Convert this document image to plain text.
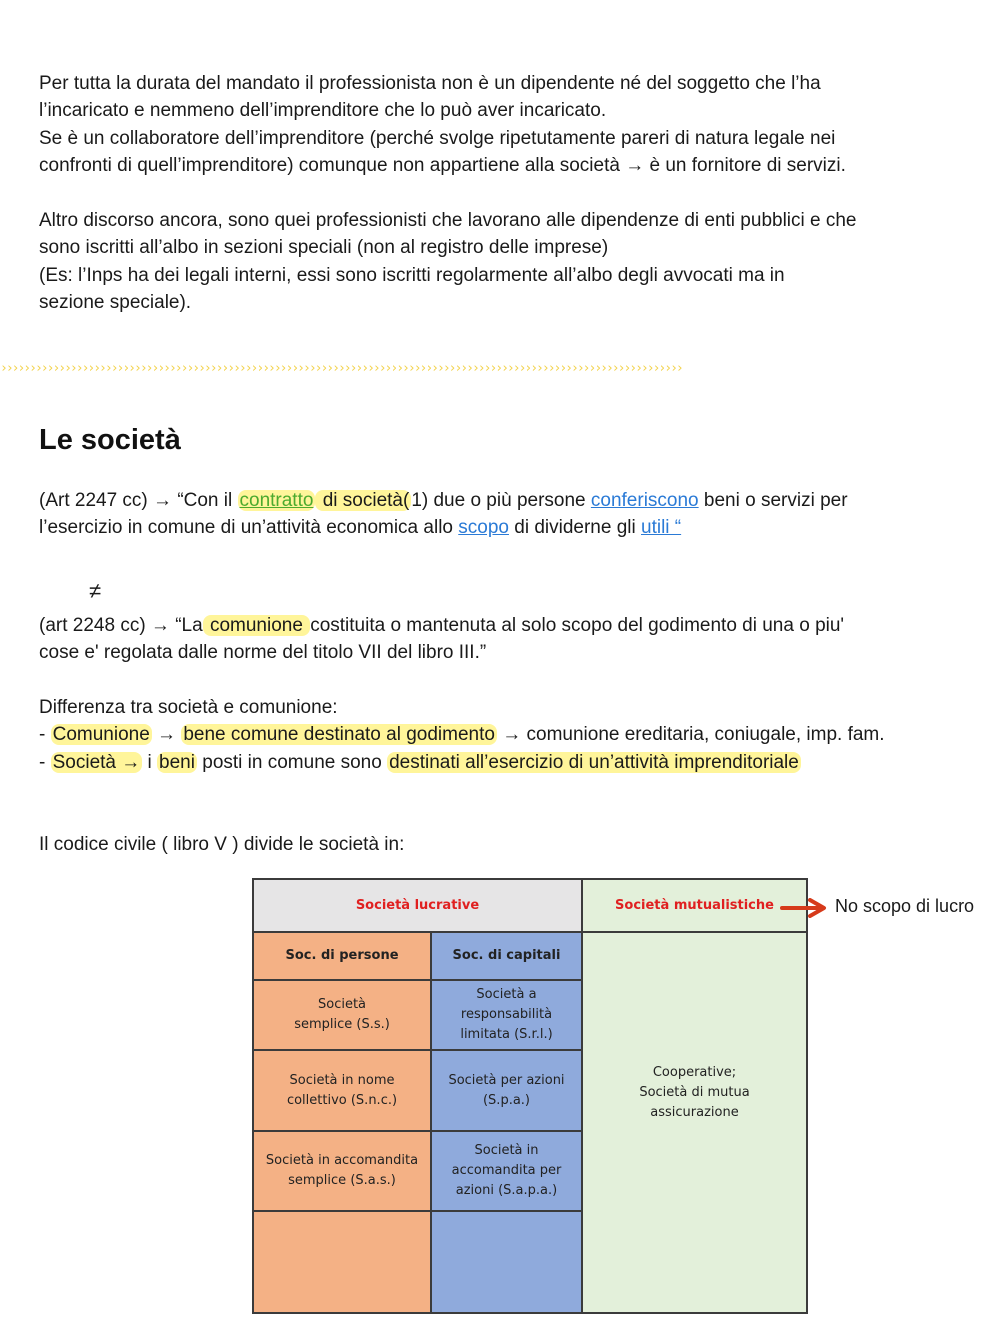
Per tutta la durata del mandato il professionista non è un dipendente né del soggetto che l’ha
l’incaricato e nemmeno dell’imprenditore che lo può aver incaricato.
Se è un collaboratore dell’imprenditore (perché svolge ripetutamente pareri di natura legale nei
confronti di quell’imprenditore) comunque non appartiene alla società → è un fornitore di servizi.

Altro discorso ancora, sono quei professionisti che lavorano alle dipendenze di enti pubblici e che
sono iscritti all’albo in sezioni speciali (non al registro delle imprese)
(Es: l’Inps ha dei legali interni, essi sono iscritti regolarmente all’albo degli avvocati ma in
sezione speciale).

›››››››››››››››››››››››››››››››››››››››››››››››››››››››››››››››››››››››››››››››››››››››››››››››››››››››››››››››››››››
Le società

(Art 2247 cc) → “Con il contratto di società( 1) due o più persone conferiscono beni o servizi per
l’esercizio in comune di un’attività economica allo scopo di dividerne gli utili “

≠

(art 2248 cc) → “La comunione costituita o mantenuta al solo scopo del godimento di una o piu'
cose e' regolata dalle norme del titolo VII del libro III.”

Differenza tra società e comunione:

- Comunione → bene comune destinato al godimento → comunione ereditaria, coniugale, imp. fam.

- Società → i beni posti in comune sono destinati all’esercizio di un’attività imprenditoriale

Il codice civile ( libro V ) divide le società in:

Società lucrative	Società mutualistiche
Soc. di persone	Soc. di capitali
Società
semplice (S.s.)
Società a
responsabilità
limitata (S.r.l.)
Società in nome
collettivo (S.n.c.)
Società per azioni
(S.p.a.)
Società in accomandita
semplice (S.a.s.)
Società in
accomandita per
azioni (S.a.p.a.)
Cooperative;
Società di mutua
assicurazione
No scopo di lucro
